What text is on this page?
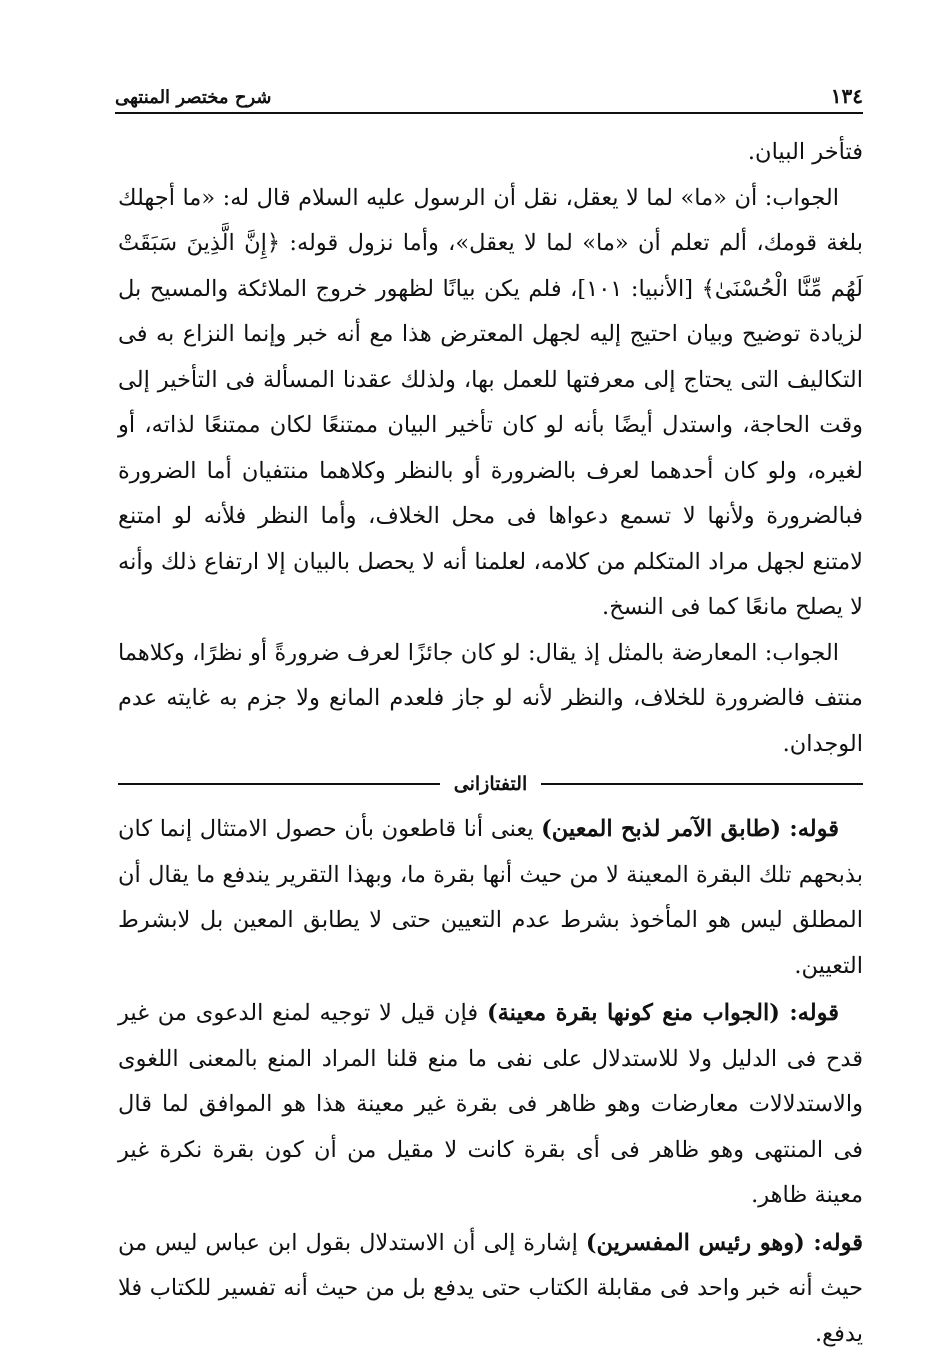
١٣٤
شرح مختصر المنتهى

فتأخر البيان.

الجواب: أن «ما» لما لا يعقل، نقل أن الرسول عليه السلام قال له: «ما أجهلك بلغة قومك، ألم تعلم أن «ما» لما لا يعقل»، وأما نزول قوله: ﴿إِنَّ الَّذِينَ سَبَقَتْ لَهُم مِّنَّا الْحُسْنَىٰ﴾ [الأنبيا: ١٠١]، فلم يكن بيانًا لظهور خروج الملائكة والمسيح بل لزيادة توضيح وبيان احتيج إليه لجهل المعترض هذا مع أنه خبر وإنما النزاع به فى التكاليف التى يحتاج إلى معرفتها للعمل بها، ولذلك عقدنا المسألة فى التأخير إلى وقت الحاجة، واستدل أيضًا بأنه لو كان تأخير البيان ممتنعًا لكان ممتنعًا لذاته، أو لغيره، ولو كان أحدهما لعرف بالضرورة أو بالنظر وكلاهما منتفيان أما الضرورة فبالضرورة ولأنها لا تسمع دعواها فى محل الخلاف، وأما النظر فلأنه لو امتنع لامتنع لجهل مراد المتكلم من كلامه، لعلمنا أنه لا يحصل بالبيان إلا ارتفاع ذلك وأنه لا يصلح مانعًا كما فى النسخ.

الجواب: المعارضة بالمثل إذ يقال: لو كان جائزًا لعرف ضرورةً أو نظرًا، وكلاهما منتف فالضرورة للخلاف، والنظر لأنه لو جاز فلعدم المانع ولا جزم به غايته عدم الوجدان.

التفتازانى

قوله: (طابق الآمر لذبح المعين) يعنى أنا قاطعون بأن حصول الامتثال إنما كان بذبحهم تلك البقرة المعينة لا من حيث أنها بقرة ما، وبهذا التقرير يندفع ما يقال أن المطلق ليس هو المأخوذ بشرط عدم التعيين حتى لا يطابق المعين بل لابشرط التعيين.

قوله: (الجواب منع كونها بقرة معينة) فإن قيل لا توجيه لمنع الدعوى من غير قدح فى الدليل ولا للاستدلال على نفى ما منع قلنا المراد المنع بالمعنى اللغوى والاستدلالات معارضات وهو ظاهر فى بقرة غير معينة هذا هو الموافق لما قال فى المنتهى وهو ظاهر فى أى بقرة كانت لا مقيل من أن كون بقرة نكرة غير معينة ظاهر.

قوله: (وهو رئيس المفسرين) إشارة إلى أن الاستدلال بقول ابن عباس ليس من حيث أنه خبر واحد فى مقابلة الكتاب حتى يدفع بل من حيث أنه تفسير للكتاب فلا يدفع.
